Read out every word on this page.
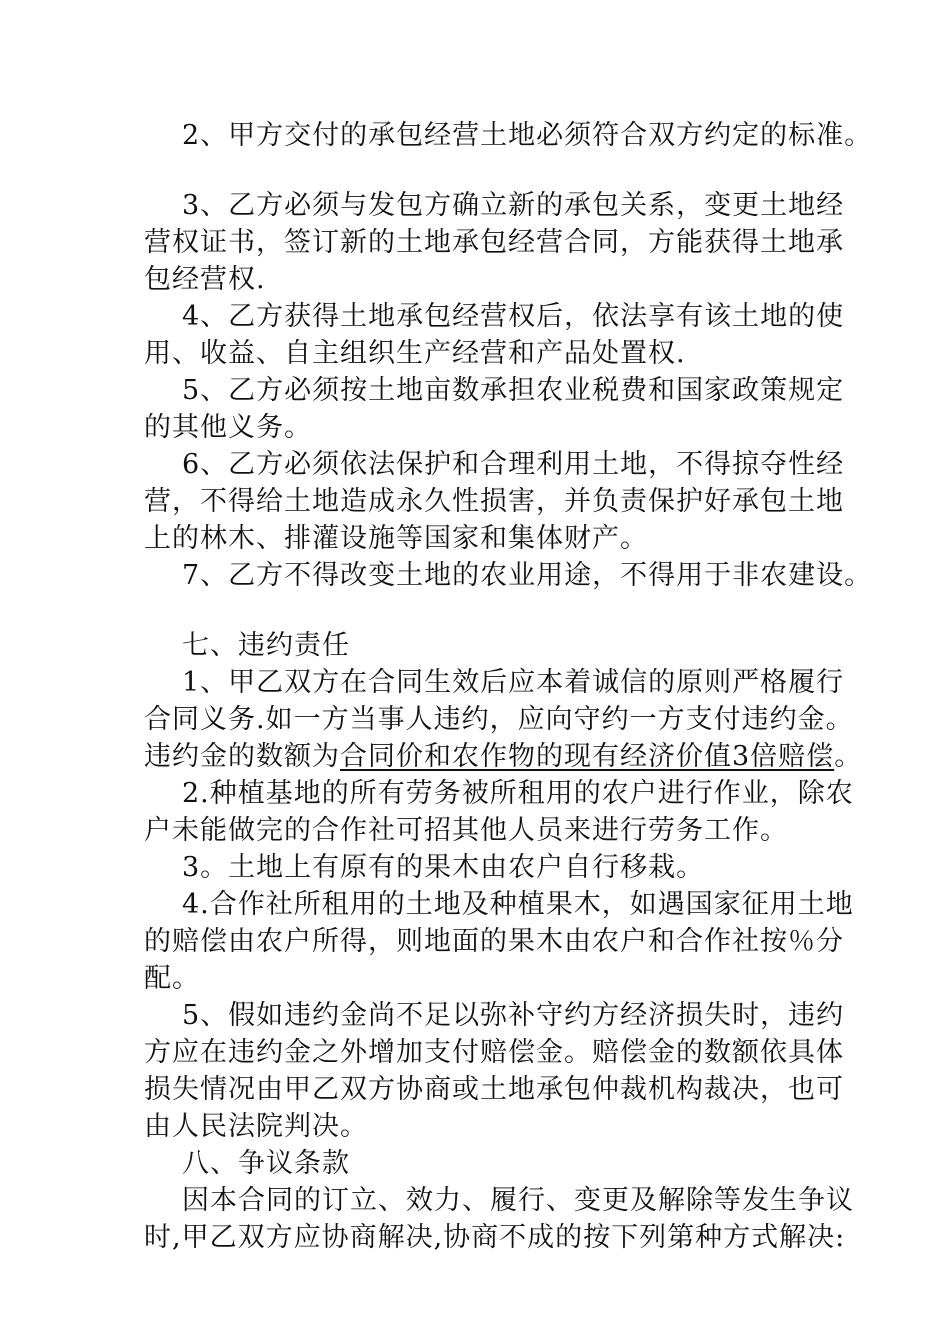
2、甲方交付的承包经营土地必须符合双方约定的标准。
3、乙方必须与发包方确立新的承包关系，变更土地经
营权证书，签订新的土地承包经营合同，方能获得土地承
包经营权.
4、乙方获得土地承包经营权后，依法享有该土地的使
用、收益、自主组织生产经营和产品处置权.
5、乙方必须按土地亩数承担农业税费和国家政策规定
的其他义务。
6、乙方必须依法保护和合理利用土地，不得掠夺性经
营，不得给土地造成永久性损害，并负责保护好承包土地
上的林木、排灌设施等国家和集体财产。
7、乙方不得改变土地的农业用途，不得用于非农建设。
七、违约责任
1、甲乙双方在合同生效后应本着诚信的原则严格履行
合同义务.如一方当事人违约，应向守约一方支付违约金。
违约金的数额为合同价和农作物的现有经济价值3倍赔偿。
2.种植基地的所有劳务被所租用的农户进行作业，除农
户未能做完的合作社可招其他人员来进行劳务工作。
3。土地上有原有的果木由农户自行移栽。
4.合作社所租用的土地及种植果木，如遇国家征用土地
的赔偿由农户所得，则地面的果木由农户和合作社按％分
配。
5、假如违约金尚不足以弥补守约方经济损失时，违约
方应在违约金之外增加支付赔偿金。赔偿金的数额依具体
损失情况由甲乙双方协商或土地承包仲裁机构裁决，也可
由人民法院判决。
八、争议条款
因本合同的订立、效力、履行、变更及解除等发生争议
时,甲乙双方应协商解决,协商不成的按下列第种方式解决:
